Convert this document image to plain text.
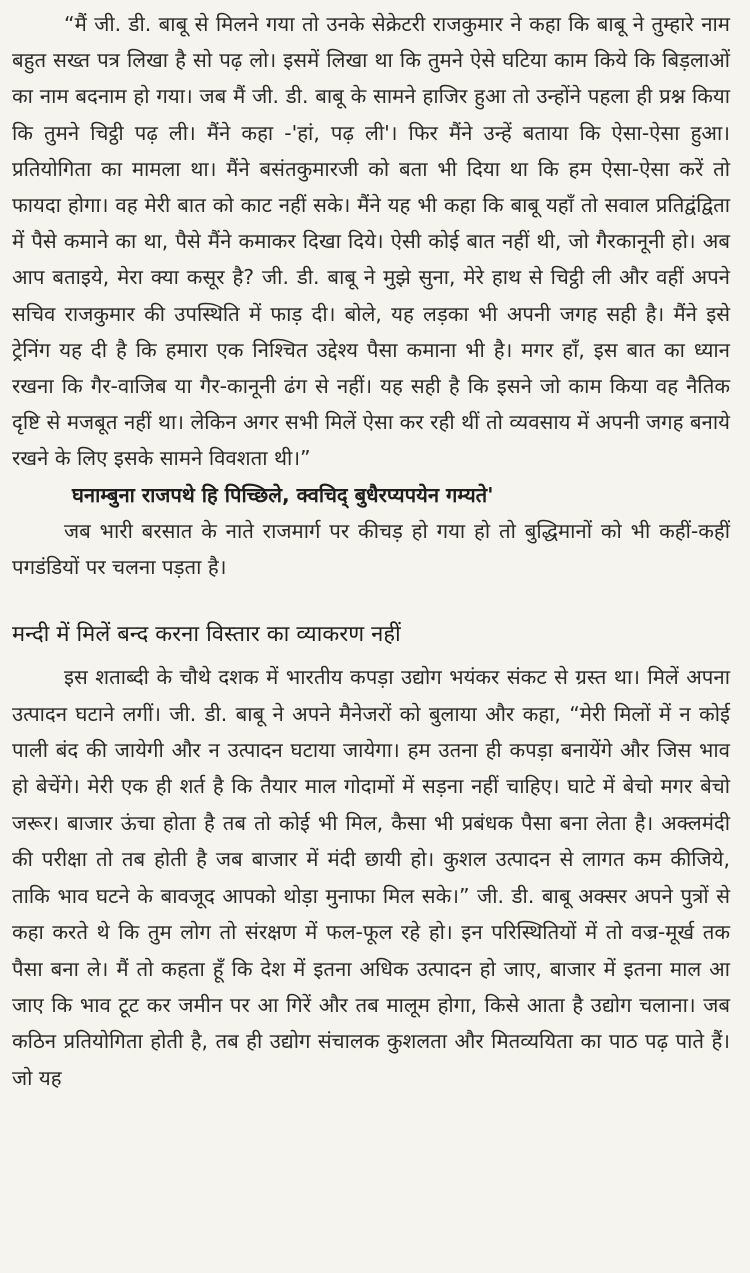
“मैं जी. डी. बाबू से मिलने गया तो उनके सेक्रेटरी राजकुमार ने कहा कि बाबू ने तुम्हारे नाम बहुत सख्त पत्र लिखा है सो पढ़ लो। इसमें लिखा था कि तुमने ऐसे घटिया काम किये कि बिड़लाओं का नाम बदनाम हो गया। जब मैं जी. डी. बाबू के सामने हाजिर हुआ तो उन्होंने पहला ही प्रश्न किया कि तुमने चिट्ठी पढ़ ली। मैंने कहा -'हां, पढ़ ली'। फिर मैंने उन्हें बताया कि ऐसा-ऐसा हुआ। प्रतियोगिता का मामला था। मैंने बसंतकुमारजी को बता भी दिया था कि हम ऐसा-ऐसा करें तो फायदा होगा। वह मेरी बात को काट नहीं सके। मैंने यह भी कहा कि बाबू यहाँ तो सवाल प्रतिद्वंद्विता में पैसे कमाने का था, पैसे मैंने कमाकर दिखा दिये। ऐसी कोई बात नहीं थी, जो गैरकानूनी हो। अब आप बताइये, मेरा क्या कसूर है? जी. डी. बाबू ने मुझे सुना, मेरे हाथ से चिट्ठी ली और वहीं अपने सचिव राजकुमार की उपस्थिति में फाड़ दी। बोले, यह लड़का भी अपनी जगह सही है। मैंने इसे ट्रेनिंग यह दी है कि हमारा एक निश्चित उद्देश्य पैसा कमाना भी है। मगर हाँ, इस बात का ध्यान रखना कि गैर-वाजिब या गैर-कानूनी ढंग से नहीं। यह सही है कि इसने जो काम किया वह नैतिक दृष्टि से मजबूत नहीं था। लेकिन अगर सभी मिलें ऐसा कर रही थीं तो व्यवसाय में अपनी जगह बनाये रखने के लिए इसके सामने विवशता थी।”

घनाम्बुना राजपथे हि पिच्छिले, क्वचिद् बुधैरप्यपयेन गम्यते'

जब भारी बरसात के नाते राजमार्ग पर कीचड़ हो गया हो तो बुद्धिमानों को भी कहीं-कहीं पगडंडियों पर चलना पड़ता है।

मन्दी में मिलें बन्द करना विस्तार का व्याकरण नहीं

इस शताब्दी के चौथे दशक में भारतीय कपड़ा उद्योग भयंकर संकट से ग्रस्त था। मिलें अपना उत्पादन घटाने लगीं। जी. डी. बाबू ने अपने मैनेजरों को बुलाया और कहा, “मेरी मिलों में न कोई पाली बंद की जायेगी और न उत्पादन घटाया जायेगा। हम उतना ही कपड़ा बनायेंगे और जिस भाव हो बेचेंगे। मेरी एक ही शर्त है कि तैयार माल गोदामों में सड़ना नहीं चाहिए। घाटे में बेचो मगर बेचो जरूर। बाजार ऊंचा होता है तब तो कोई भी मिल, कैसा भी प्रबंधक पैसा बना लेता है। अक्लमंदी की परीक्षा तो तब होती है जब बाजार में मंदी छायी हो। कुशल उत्पादन से लागत कम कीजिये, ताकि भाव घटने के बावजूद आपको थोड़ा मुनाफा मिल सके।” जी. डी. बाबू अक्सर अपने पुत्रों से कहा करते थे कि तुम लोग तो संरक्षण में फल-फूल रहे हो। इन परिस्थितियों में तो वज्र-मूर्ख तक पैसा बना ले। मैं तो कहता हूँ कि देश में इतना अधिक उत्पादन हो जाए, बाजार में इतना माल आ जाए कि भाव टूट कर जमीन पर आ गिरें और तब मालूम होगा, किसे आता है उद्योग चलाना। जब कठिन प्रतियोगिता होती है, तब ही उद्योग संचालक कुशलता और मितव्ययिता का पाठ पढ़ पाते हैं। जो यह
